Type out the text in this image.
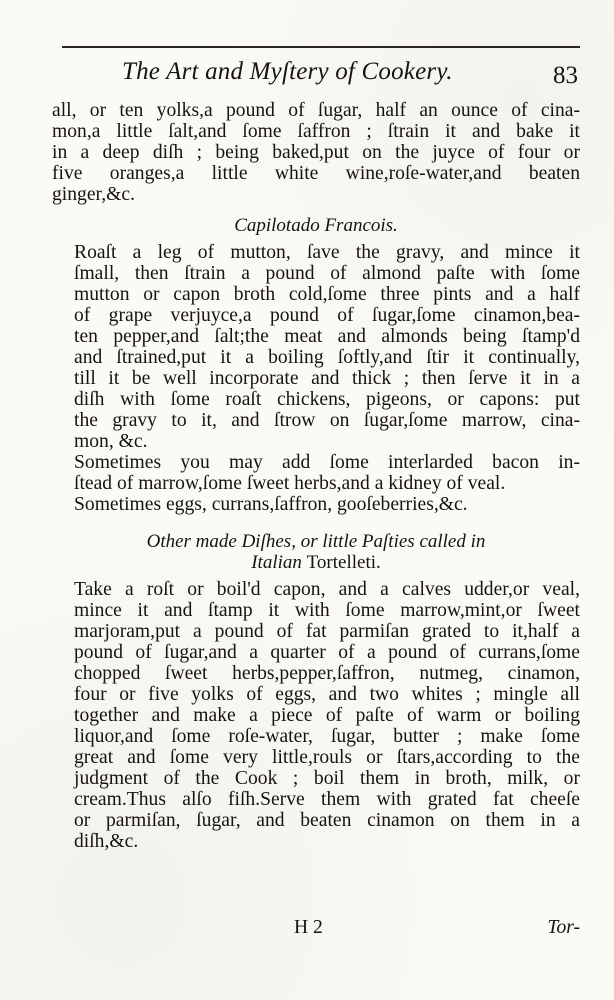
The Art and Myſtery of Cookery.	83
all, or ten yolks,a pound of ſugar, half an ounce of cina-
mon,a little ſalt,and ſome ſaffron ; ſtrain it and bake it
in a deep diſh ; being baked,put on the juyce of four or
five oranges,a little white wine,roſe-water,and beaten
ginger,&c.
Capilotado Francois.
Roaſt a leg of mutton, ſave the gravy, and mince it
ſmall, then ſtrain a pound of almond paſte with ſome
mutton or capon broth cold,ſome three pints and a half
of grape verjuyce,a pound of ſugar,ſome cinamon,bea-
ten pepper,and ſalt;the meat and almonds being ſtamp'd
and ſtrained,put it a boiling ſoftly,and ſtir it continually,
till it be well incorporate and thick ; then ſerve it in a
diſh with ſome roaſt chickens, pigeons, or capons: put
the gravy to it, and ſtrow on ſugar,ſome marrow, cina-
mon, &c.
Sometimes you may add ſome interlarded bacon in-
ſtead of marrow,ſome ſweet herbs,and a kidney of veal.
Sometimes eggs, currans,ſaffron, gooſeberries,&c.
Other made Diſhes, or little Paſties called in
Italian Tortelleti.
Take a roſt or boil'd capon, and a calves udder,or veal,
mince it and ſtamp it with ſome marrow,mint,or ſweet
marjoram,put a pound of fat parmiſan grated to it,half a
pound of ſugar,and a quarter of a pound of currans,ſome
chopped ſweet herbs,pepper,ſaffron, nutmeg, cinamon,
four or five yolks of eggs, and two whites ; mingle all
together and make a piece of paſte of warm or boiling
liquor,and ſome roſe-water, ſugar, butter ; make ſome
great and ſome very little,rouls or ſtars,according to the
judgment of the Cook ; boil them in broth, milk, or
cream.Thus alſo fiſh.Serve them with grated fat cheeſe
or parmiſan, ſugar, and beaten cinamon on them in a
diſh,&c.
H 2	Tor-
